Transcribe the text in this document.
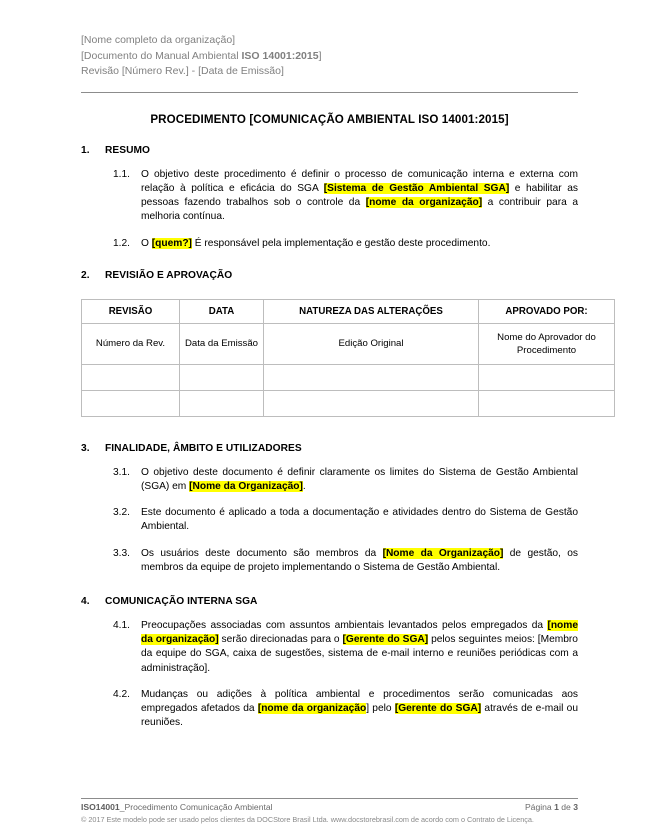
[Nome completo da organização]
[Documento do Manual Ambiental ISO 14001:2015]
Revisão [Número Rev.] - [Data de Emissão]
PROCEDIMENTO [COMUNICAÇÃO AMBIENTAL ISO 14001:2015]
1. RESUMO
1.1. O objetivo deste procedimento é definir o processo de comunicação interna e externa com relação à política e eficácia do SGA [Sistema de Gestão Ambiental SGA] e habilitar as pessoas fazendo trabalhos sob o controle da [nome da organização] a contribuir para a melhoria contínua.
1.2. O [quem?] É responsável pela implementação e gestão deste procedimento.
2. REVISIÃO E APROVAÇÃO
REVISÃO	DATA	NATUREZA DAS ALTERAÇÕES	APROVADO POR:
Número da Rev.	Data da Emissão	Edição Original	Nome do Aprovador do Procedimento

3. FINALIDADE, ÂMBITO E UTILIZADORES
3.1. O objetivo deste documento é definir claramente os limites do Sistema de Gestão Ambiental (SGA) em [Nome da Organização].
3.2. Este documento é aplicado a toda a documentação e atividades dentro do Sistema de Gestão Ambiental.
3.3. Os usuários deste documento são membros da [Nome da Organização] de gestão, os membros da equipe de projeto implementando o Sistema de Gestão Ambiental.
4. COMUNICAÇÃO INTERNA SGA
4.1. Preocupações associadas com assuntos ambientais levantados pelos empregados da [nome da organização] serão direcionadas para o [Gerente do SGA] pelos seguintes meios: [Membro da equipe do SGA, caixa de sugestões, sistema de e-mail interno e reuniões periódicas com a administração].
4.2. Mudanças ou adições à política ambiental e procedimentos serão comunicadas aos empregados afetados da [nome da organização] pelo [Gerente do SGA] através de e-mail ou reuniões.
ISO14001_Procedimento Comunicação Ambiental	Página 1 de 3
© 2017 Este modelo pode ser usado pelos clientes da DOCStore Brasil Ltda. www.docstorebrasil.com de acordo com o Contrato de Licença.
